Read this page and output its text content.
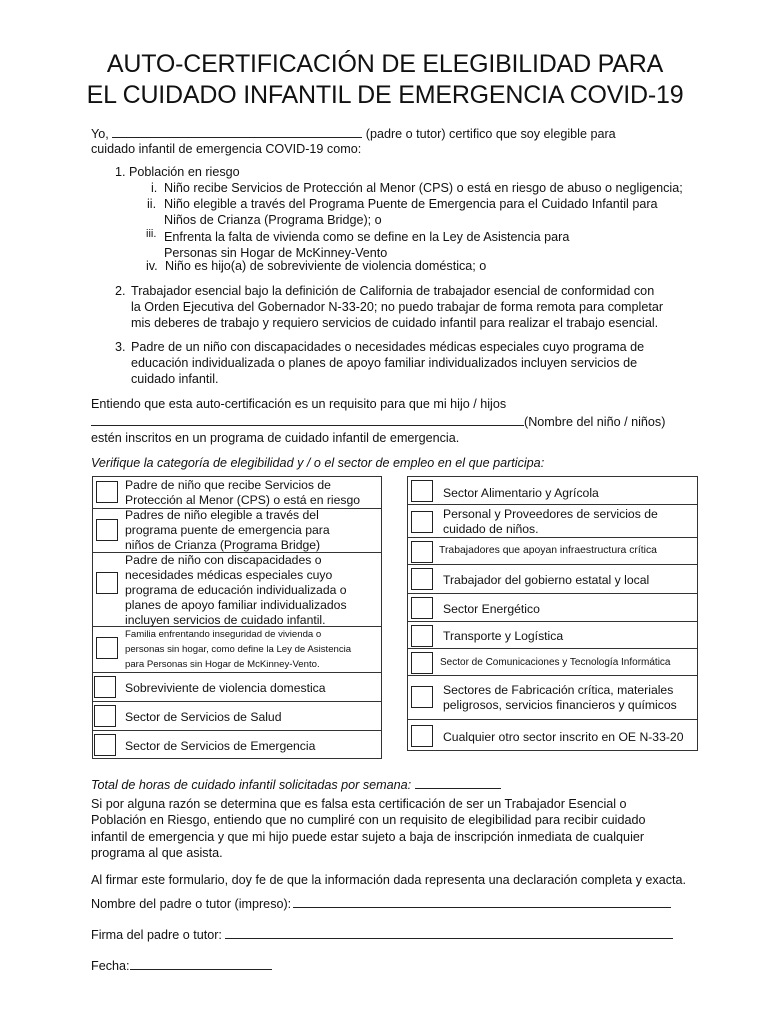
AUTO-CERTIFICACIÓN DE ELEGIBILIDAD PARA
EL CUIDADO INFANTIL DE EMERGENCIA COVID-19
Yo,	(padre o tutor) certifico que soy elegible para
cuidado infantil de emergencia COVID-19 como:
1. Población en riesgo
i. Niño recibe Servicios de Protección al Menor (CPS) o está en riesgo de abuso o negligencia;
ii. Niño elegible a través del Programa Puente de Emergencia para el Cuidado Infantil para
Niños de Crianza (Programa Bridge); o
iii. Enfrenta la falta de vivienda como se define en la Ley de Asistencia para
Personas sin Hogar de McKinney-Vento
iv. Niño es hijo(a) de sobreviviente de violencia doméstica; o
2. Trabajador esencial bajo la definición de California de trabajador esencial de conformidad con
la Orden Ejecutiva del Gobernador N-33-20; no puedo trabajar de forma remota para completar
mis deberes de trabajo y requiero servicios de cuidado infantil para realizar el trabajo esencial.
3. Padre de un niño con discapacidades o necesidades médicas especiales cuyo programa de
educación individualizada o planes de apoyo familiar individualizados incluyen servicios de
cuidado infantil.
Entiendo que esta auto-certificación es un requisito para que mi hijo / hijos
(Nombre del niño / niños)
estén inscritos en un programa de cuidado infantil de emergencia.
Verifique la categoría de elegibilidad y / o el sector de empleo en el que participa:
Padre de niño que recibe Servicios de
Protección al Menor (CPS) o está en riesgo
Padres de niño elegible a través del
programa puente de emergencia para
niños de Crianza (Programa Bridge)
Padre de niño con discapacidades o
necesidades médicas especiales cuyo
programa de educación individualizada o
planes de apoyo familiar individualizados
incluyen servicios de cuidado infantil.
Familia enfrentando inseguridad de vivienda o
personas sin hogar, como define la Ley de Asistencia
para Personas sin Hogar de McKinney-Vento.
Sobreviviente de violencia domestica
Sector de Servicios de Salud
Sector de Servicios de Emergencia
Sector Alimentario y Agrícola
Personal y Proveedores de servicios de
cuidado de niños.
Trabajadores que apoyan infraestructura crítica
Trabajador del gobierno estatal y local
Sector Energético
Transporte y Logística
Sector de Comunicaciones y Tecnología Informática
Sectores de Fabricación crítica, materiales
peligrosos, servicios financieros y químicos
Cualquier otro sector inscrito en OE N-33-20
Total de horas de cuidado infantil solicitadas por semana:
Si por alguna razón se determina que es falsa esta certificación de ser un Trabajador Esencial o
Población en Riesgo, entiendo que no cumpliré con un requisito de elegibilidad para recibir cuidado
infantil de emergencia y que mi hijo puede estar sujeto a baja de inscripción inmediata de cualquier
programa al que asista.
Al firmar este formulario, doy fe de que la información dada representa una declaración completa y exacta.
Nombre del padre o tutor (impreso):
Firma del padre o tutor:
Fecha:
